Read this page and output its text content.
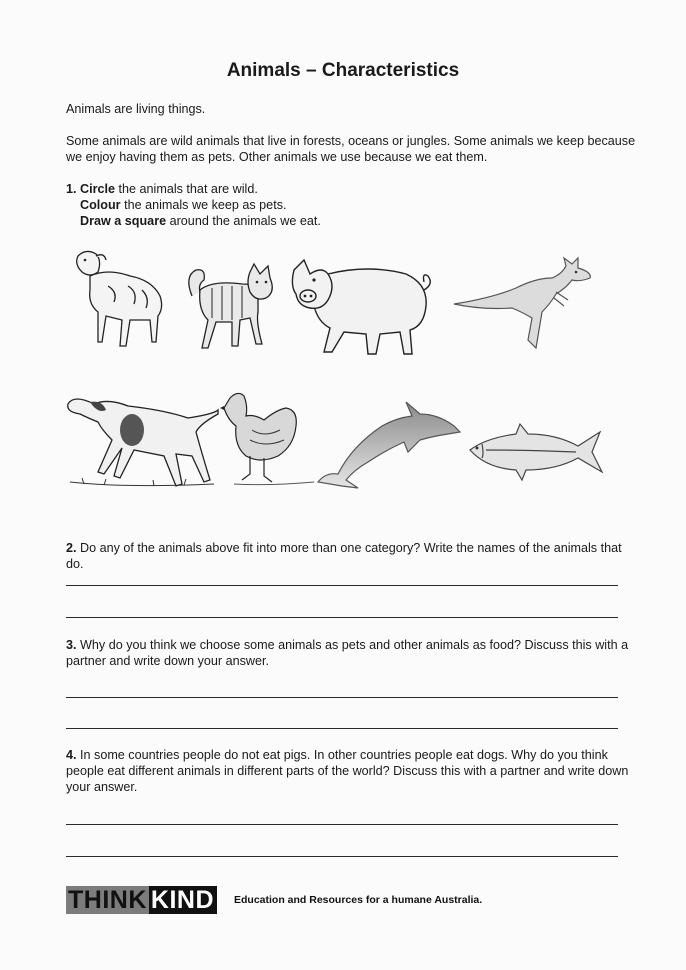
Animals – Characteristics
Animals are living things.
Some animals are wild animals that live in forests, oceans or jungles. Some animals we keep because we enjoy having them as pets. Other animals we use because we eat them.
1. Circle the animals that are wild.
Colour the animals we keep as pets.
Draw a square around the animals we eat.
2. Do any of the animals above fit into more than one category? Write the names of the animals that do.
3. Why do you think we choose some animals as pets and other animals as food? Discuss this with a partner and write down your answer.
4. In some countries people do not eat pigs. In other countries people eat dogs. Why do you think people eat different animals in different parts of the world? Discuss this with a partner and write down your answer.
THINK KIND Education and Resources for a humane Australia.
